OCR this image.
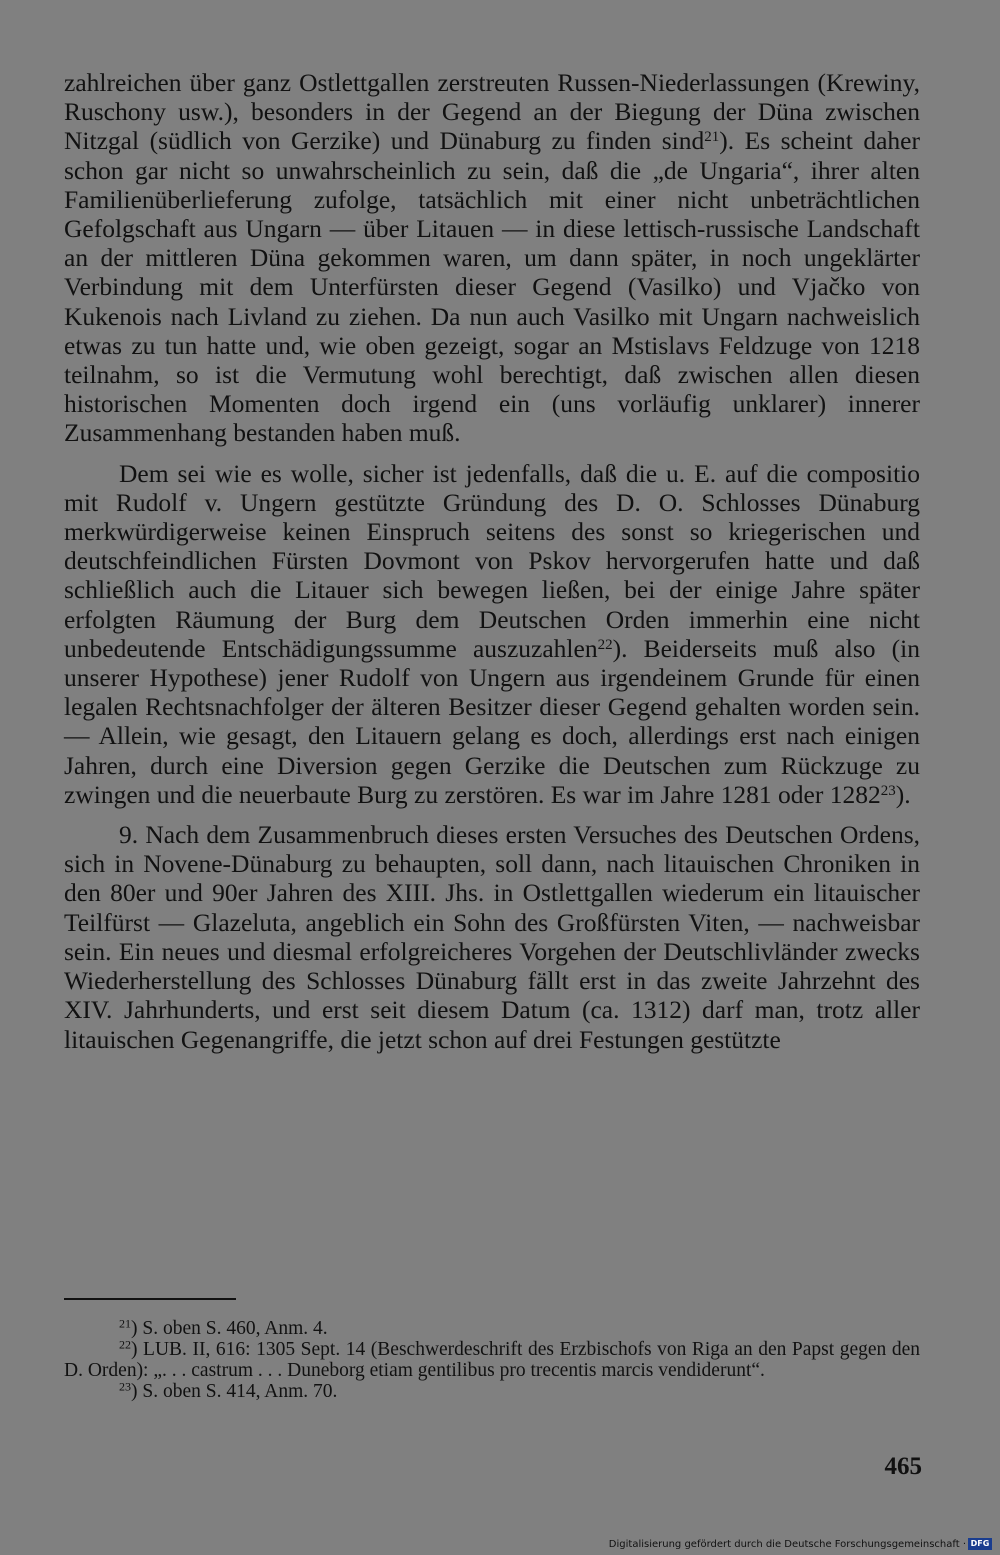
zahlreichen über ganz Ostlettgallen zerstreuten Russen-Niederlassungen (Krewiny, Ruschony usw.), besonders in der Gegend an der Biegung der Düna zwischen Nitzgal (südlich von Gerzike) und Dünaburg zu finden sind$^{21}$). Es scheint daher schon gar nicht so unwahrscheinlich zu sein, daß die „de Ungaria“, ihrer alten Familienüberlieferung zufolge, tatsächlich mit einer nicht unbeträchtlichen Gefolgschaft aus Ungarn — über Litauen — in diese lettisch-russische Landschaft an der mittleren Düna gekommen waren, um dann später, in noch ungeklärter Verbindung mit dem Unterfürsten dieser Gegend (Vasilko) und Vjačko von Kukenois nach Livland zu ziehen. Da nun auch Vasilko mit Ungarn nachweislich etwas zu tun hatte und, wie oben gezeigt, sogar an Mstislavs Feldzuge von 1218 teilnahm, so ist die Vermutung wohl berechtigt, daß zwischen allen diesen historischen Momenten doch irgend ein (uns vorläufig unklarer) innerer Zusammenhang bestanden haben muß.

Dem sei wie es wolle, sicher ist jedenfalls, daß die u. E. auf die compositio mit Rudolf v. Ungern gestützte Gründung des D. O. Schlosses Dünaburg merkwürdigerweise keinen Einspruch seitens des sonst so kriegerischen und deutschfeindlichen Fürsten Dovmont von Pskov hervorgerufen hatte und daß schließlich auch die Litauer sich bewegen ließen, bei der einige Jahre später erfolgten Räumung der Burg dem Deutschen Orden immerhin eine nicht unbedeutende Entschädigungssumme auszuzahlen$^{22}$). Beiderseits muß also (in unserer Hypothese) jener Rudolf von Ungern aus irgendeinem Grunde für einen legalen Rechtsnachfolger der älteren Besitzer dieser Gegend gehalten worden sein. — Allein, wie gesagt, den Litauern gelang es doch, allerdings erst nach einigen Jahren, durch eine Diversion gegen Gerzike die Deutschen zum Rückzuge zu zwingen und die neuerbaute Burg zu zerstören. Es war im Jahre 1281 oder 1282$^{23}$).

9. Nach dem Zusammenbruch dieses ersten Versuches des Deutschen Ordens, sich in Novene-Dünaburg zu behaupten, soll dann, nach litauischen Chroniken in den 80er und 90er Jahren des XIII. Jhs. in Ostlettgallen wiederum ein litauischer Teilfürst — Glazeluta, angeblich ein Sohn des Großfürsten Viten, — nachweisbar sein. Ein neues und diesmal erfolgreicheres Vorgehen der Deutschlivländer zwecks Wiederherstellung des Schlosses Dünaburg fällt erst in das zweite Jahrzehnt des XIV. Jahrhunderts, und erst seit diesem Datum (ca. 1312) darf man, trotz aller litauischen Gegenangriffe, die jetzt schon auf drei Festungen gestützte

$^{21}$) S. oben S. 460, Anm. 4.

$^{22}$) LUB. II, 616: 1305 Sept. 14 (Beschwerdeschrift des Erzbischofs von Riga an den Papst gegen den D. Orden): „. . . castrum . . . Duneborg etiam gentilibus pro trecentis marcis vendiderunt“.

$^{23}$) S. oben S. 414, Anm. 70.

465
Digitalisierung gefördert durch die Deutsche Forschungsgemeinschaft · DFG
